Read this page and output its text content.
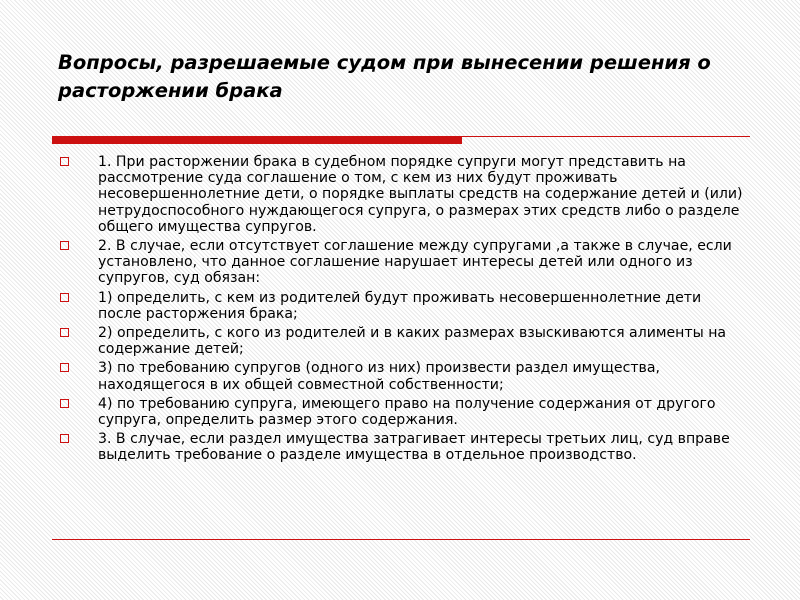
Вопросы, разрешаемые судом при вынесении решения о расторжении брака
1. При расторжении брака в судебном порядке супруги могут представить на рассмотрение суда соглашение о том, с кем из них будут проживать несовершеннолетние дети, о порядке выплаты средств на содержание детей и (или) нетрудоспособного нуждающегося супруга, о размерах этих средств либо о разделе общего имущества супругов.
2. В случае, если отсутствует соглашение между супругами ,а также в случае, если установлено, что данное соглашение нарушает интересы детей или одного из супругов, суд обязан:
1) определить, с кем из родителей будут проживать несовершеннолетние дети после расторжения брака;
2) определить, с кого из родителей и в каких размерах взыскиваются алименты на содержание детей;
3) по требованию супругов (одного из них) произвести раздел имущества, находящегося в их общей совместной собственности;
4) по требованию супруга, имеющего право на получение содержания от другого супруга, определить размер этого содержания.
3. В случае, если раздел имущества затрагивает интересы третьих лиц, суд вправе выделить требование о разделе имущества в отдельное производство.
